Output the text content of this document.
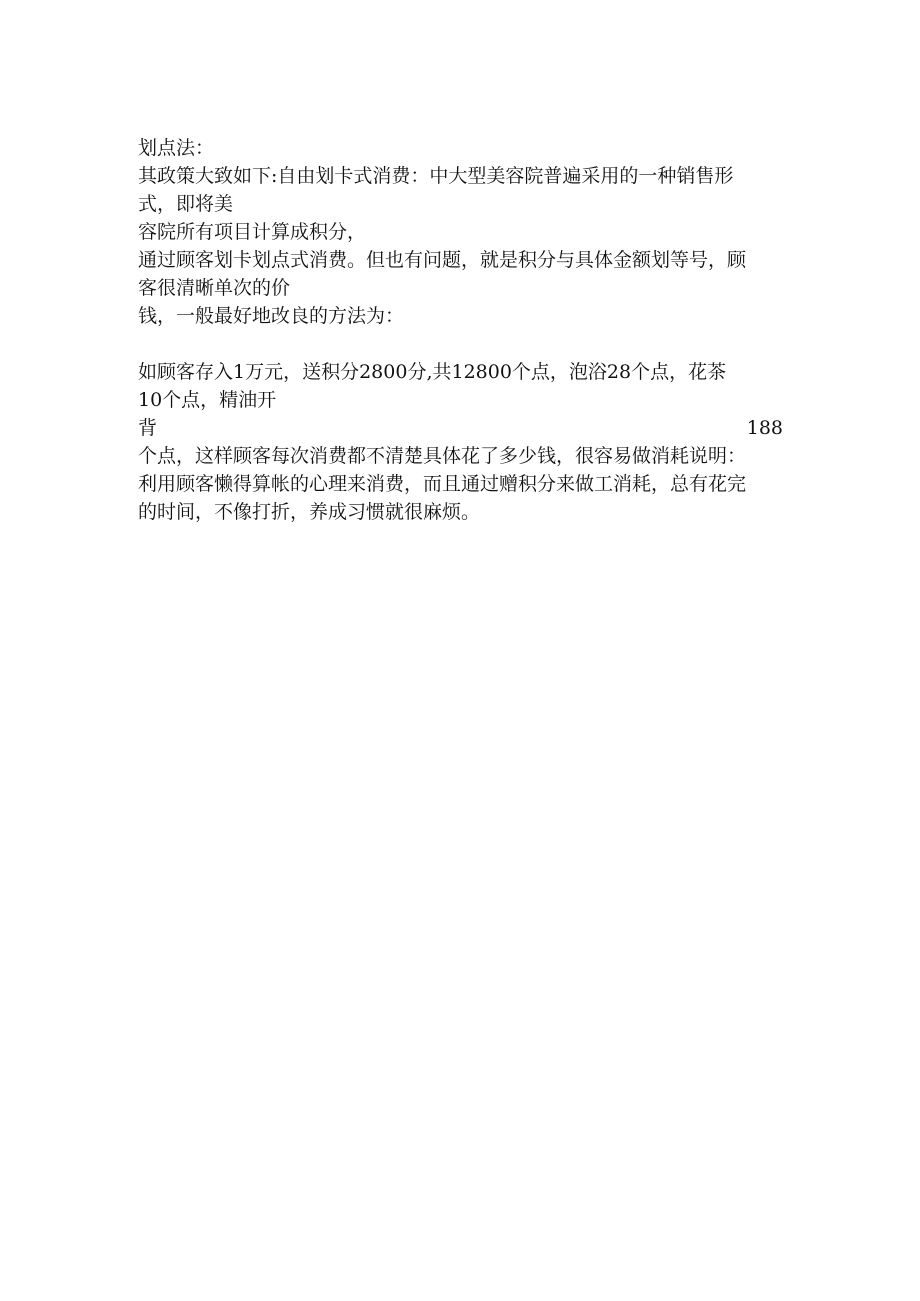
划点法：

其政策大致如下:自由划卡式消费：中大型美容院普遍采用的一种销售形
式，即将美
容院所有项目计算成积分，
通过顾客划卡划点式消费。但也有问题，就是积分与具体金额划等号，顾
客很清晰单次的价
钱，一般最好地改良的方法为：
如顾客存入1万元，送积分2800分,共12800个点，泡浴28个点，花茶
10个点，精油开
背	188
个点，这样顾客每次消费都不清楚具体花了多少钱，很容易做消耗说明：
利用顾客懒得算帐的心理来消费，而且通过赠积分来做工消耗，总有花完
的时间，不像打折，养成习惯就很麻烦。
